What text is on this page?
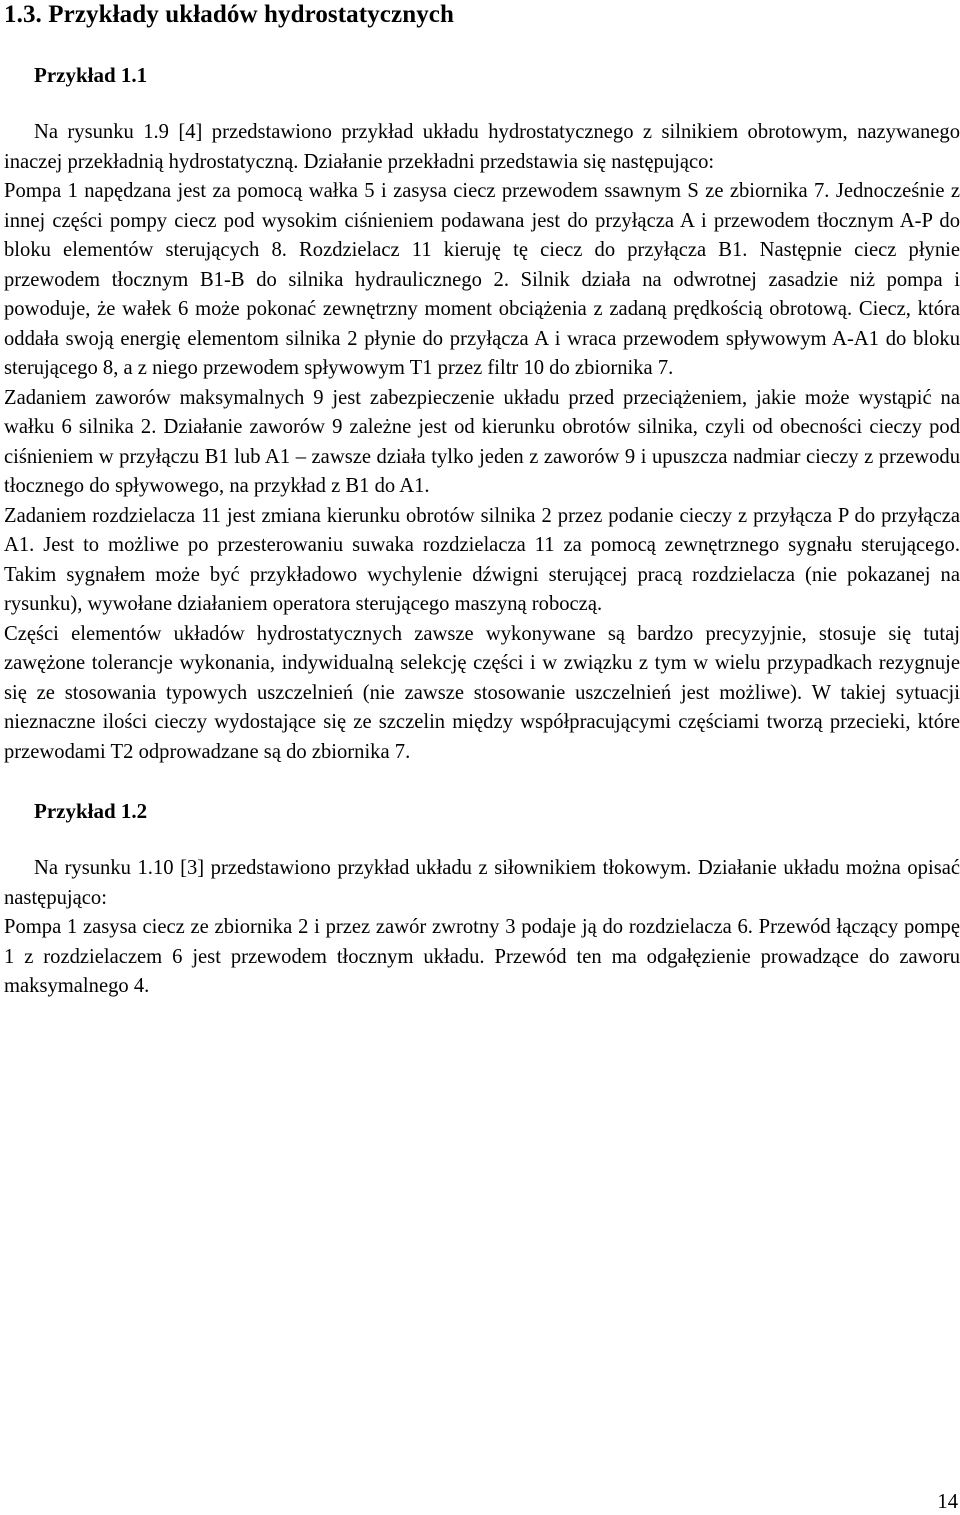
1.3. Przykłady układów hydrostatycznych
Przykład 1.1

Na rysunku 1.9 [4] przedstawiono przykład układu hydrostatycznego z silnikiem obrotowym, nazywanego inaczej przekładnią hydrostatyczną. Działanie przekładni przedstawia się następująco:

Pompa 1 napędzana jest za pomocą wałka 5 i zasysa ciecz przewodem ssawnym S ze zbiornika 7. Jednocześnie z innej części pompy ciecz pod wysokim ciśnieniem podawana jest do przyłącza A i przewodem tłocznym A-P do bloku elementów sterujących 8. Rozdzielacz 11 kieruję tę ciecz do przyłącza B1. Następnie ciecz płynie przewodem tłocznym B1-B do silnika hydraulicznego 2. Silnik działa na odwrotnej zasadzie niż pompa i powoduje, że wałek 6 może pokonać zewnętrzny moment obciążenia z zadaną prędkością obrotową. Ciecz, która oddała swoją energię elementom silnika 2 płynie do przyłącza A i wraca przewodem spływowym A-A1 do bloku sterującego 8, a z niego przewodem spływowym T1 przez filtr 10 do zbiornika 7.

Zadaniem zaworów maksymalnych 9 jest zabezpieczenie układu przed przeciążeniem, jakie może wystąpić na wałku 6 silnika 2. Działanie zaworów 9 zależne jest od kierunku obrotów silnika, czyli od obecności cieczy pod ciśnieniem w przyłączu B1 lub A1 – zawsze działa tylko jeden z zaworów 9 i upuszcza nadmiar cieczy z przewodu tłocznego do spływowego, na przykład z B1 do A1.

Zadaniem rozdzielacza 11 jest zmiana kierunku obrotów silnika 2 przez podanie cieczy z przyłącza P do przyłącza A1. Jest to możliwe po przesterowaniu suwaka rozdzielacza 11 za pomocą zewnętrznego sygnału sterującego. Takim sygnałem może być przykładowo wychylenie dźwigni sterującej pracą rozdzielacza (nie pokazanej na rysunku), wywołane działaniem operatora sterującego maszyną roboczą.

Części elementów układów hydrostatycznych zawsze wykonywane są bardzo precyzyjnie, stosuje się tutaj zawężone tolerancje wykonania, indywidualną selekcję części i w związku z tym w wielu przypadkach rezygnuje się ze stosowania typowych uszczelnień (nie zawsze stosowanie uszczelnień jest możliwe). W takiej sytuacji nieznaczne ilości cieczy wydostające się ze szczelin między współpracującymi częściami tworzą przecieki, które przewodami T2 odprowadzane są do zbiornika 7.

Przykład 1.2

Na rysunku 1.10 [3] przedstawiono przykład układu z siłownikiem tłokowym. Działanie układu można opisać następująco:

Pompa 1 zasysa ciecz ze zbiornika 2 i przez zawór zwrotny 3 podaje ją do rozdzielacza 6. Przewód łączący pompę 1 z rozdzielaczem 6 jest przewodem tłocznym układu. Przewód ten ma odgałęzienie prowadzące do zaworu maksymalnego 4.

14
